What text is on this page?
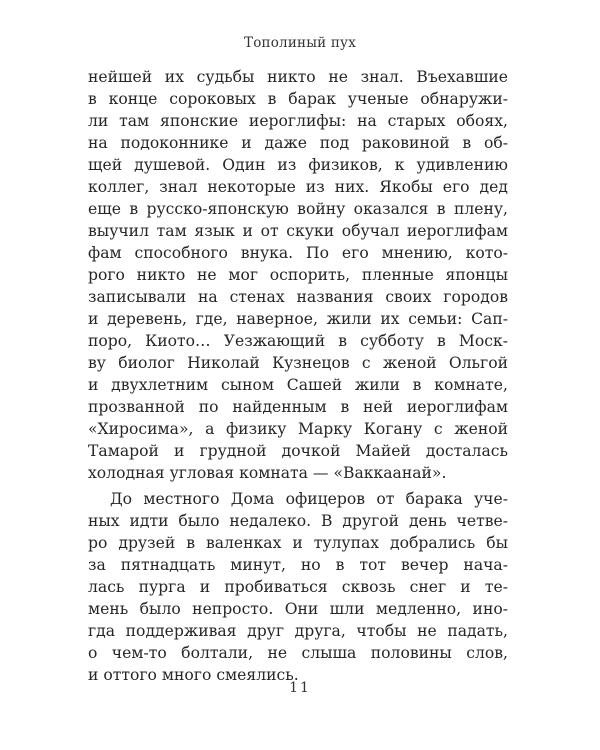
Тополиный пух
нейшей их судьбы никто не знал. Въехавшие
в конце сороковых в барак ученые обнаружи-
ли там японские иероглифы: на старых обоях,
на подоконнике и даже под раковиной в об-
щей душевой. Один из физиков, к удивлению
коллег, знал некоторые из них. Якобы его дед
еще в русско-японскую войну оказался в плену,
выучил там язык и от скуки обучал иероглифам
фам способного внука. По его мнению, кото-
рого никто не мог оспорить, пленные японцы
записывали на стенах названия своих городов
и деревень, где, наверное, жили их семьи: Сап-
поро, Киото… Уезжающий в субботу в Моск-
ву биолог Николай Кузнецов с женой Ольгой
и двухлетним сыном Сашей жили в комнате,
прозванной по найденным в ней иероглифам
«Хиросима», а физику Марку Когану с женой
Тамарой и грудной дочкой Майей досталась
холодная угловая комната — «Ваккаанай».
До местного Дома офицеров от барака уче-
ных идти было недалеко. В другой день четве-
ро друзей в валенках и тулупах добрались бы
за пятнадцать минут, но в тот вечер нача-
лась пурга и пробиваться сквозь снег и те-
мень было непросто. Они шли медленно, ино-
гда поддерживая друг друга, чтобы не падать,
о чем-то болтали, не слыша половины слов,
и оттого много смеялись.
11
